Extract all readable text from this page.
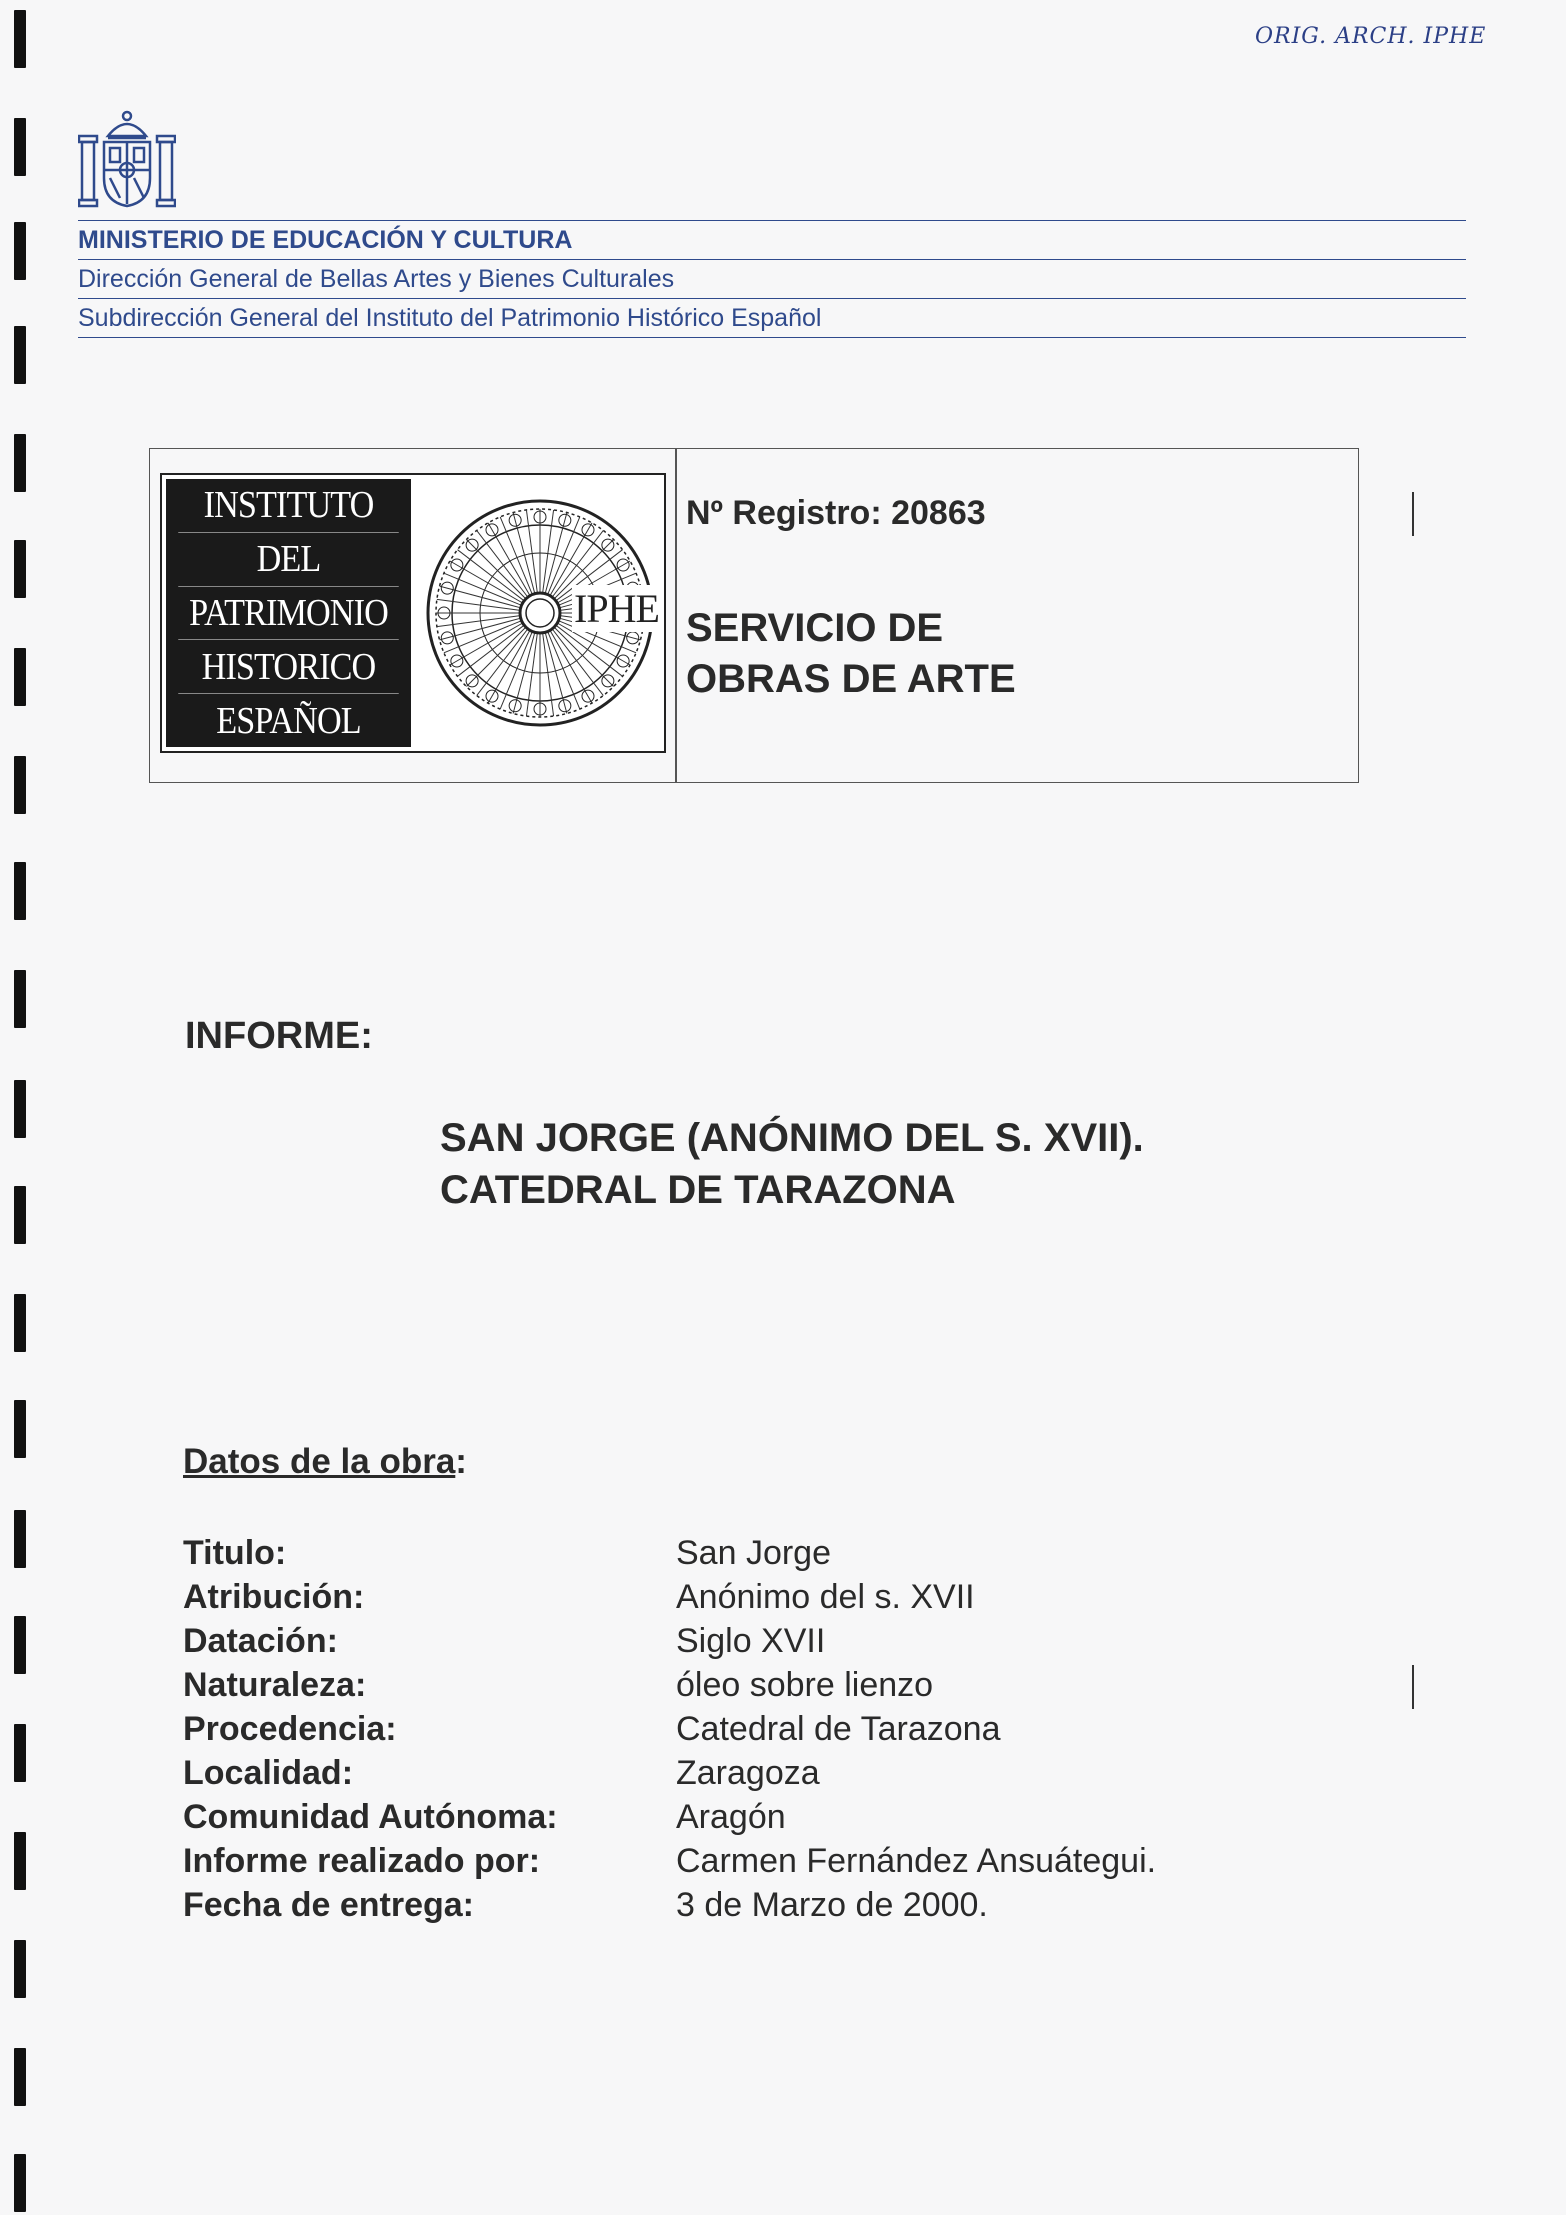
ORIG. ARCH. IPHE
MINISTERIO DE EDUCACIÓN Y CULTURA
Dirección General de Bellas Artes y Bienes Culturales
Subdirección General del Instituto del Patrimonio Histórico Español
INSTITUTO
DEL
PATRIMONIO
HISTORICO
ESPAÑOL
IPHE
Nº Registro: 20863
SERVICIO DE
OBRAS DE ARTE
INFORME:
SAN JORGE (ANÓNIMO DEL S. XVII).
CATEDRAL DE TARAZONA
Datos de la obra:
Titulo:	San Jorge
Atribución:	Anónimo del s. XVII
Datación:	Siglo XVII
Naturaleza:	óleo sobre lienzo
Procedencia:	Catedral de Tarazona
Localidad:	Zaragoza
Comunidad Autónoma:	Aragón
Informe realizado por:	Carmen Fernández Ansuátegui.
Fecha de entrega:	3 de Marzo de 2000.
